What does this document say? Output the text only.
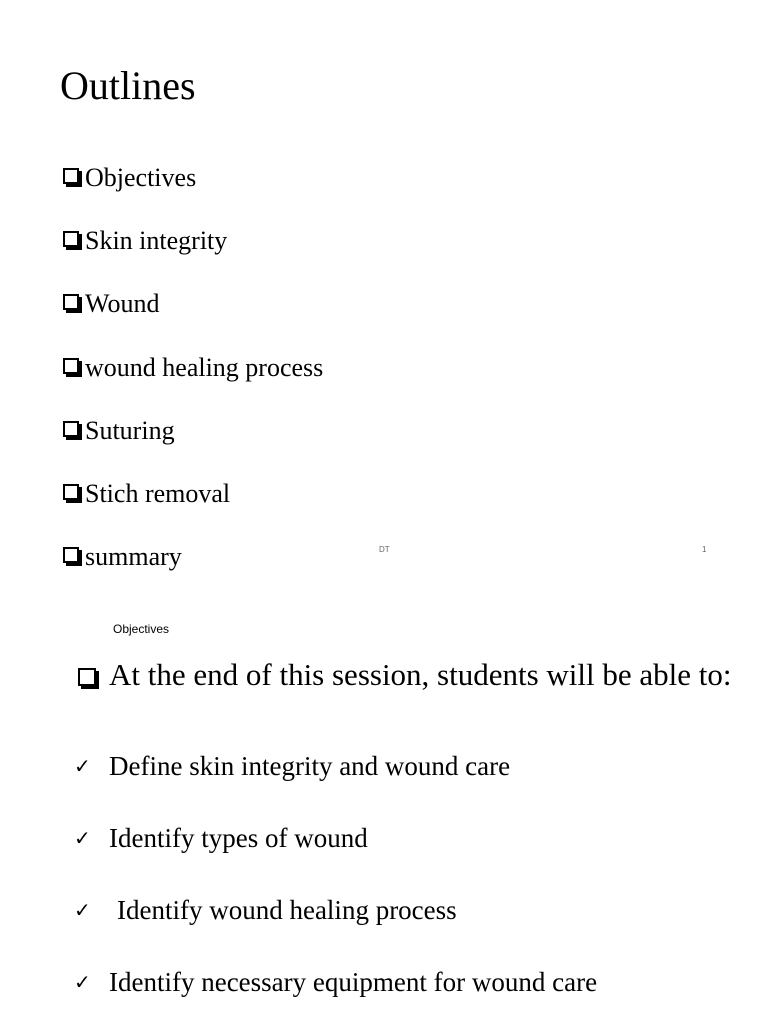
Outlines
Objectives
Skin integrity
Wound
wound healing process
Suturing
Stich removal
summary	DT	1
Objectives
At the end of this session, students will be able to:
✓ Define skin integrity and wound care
✓ Identify types of wound
✓ Identify wound healing process
✓ Identify necessary equipment for wound care
